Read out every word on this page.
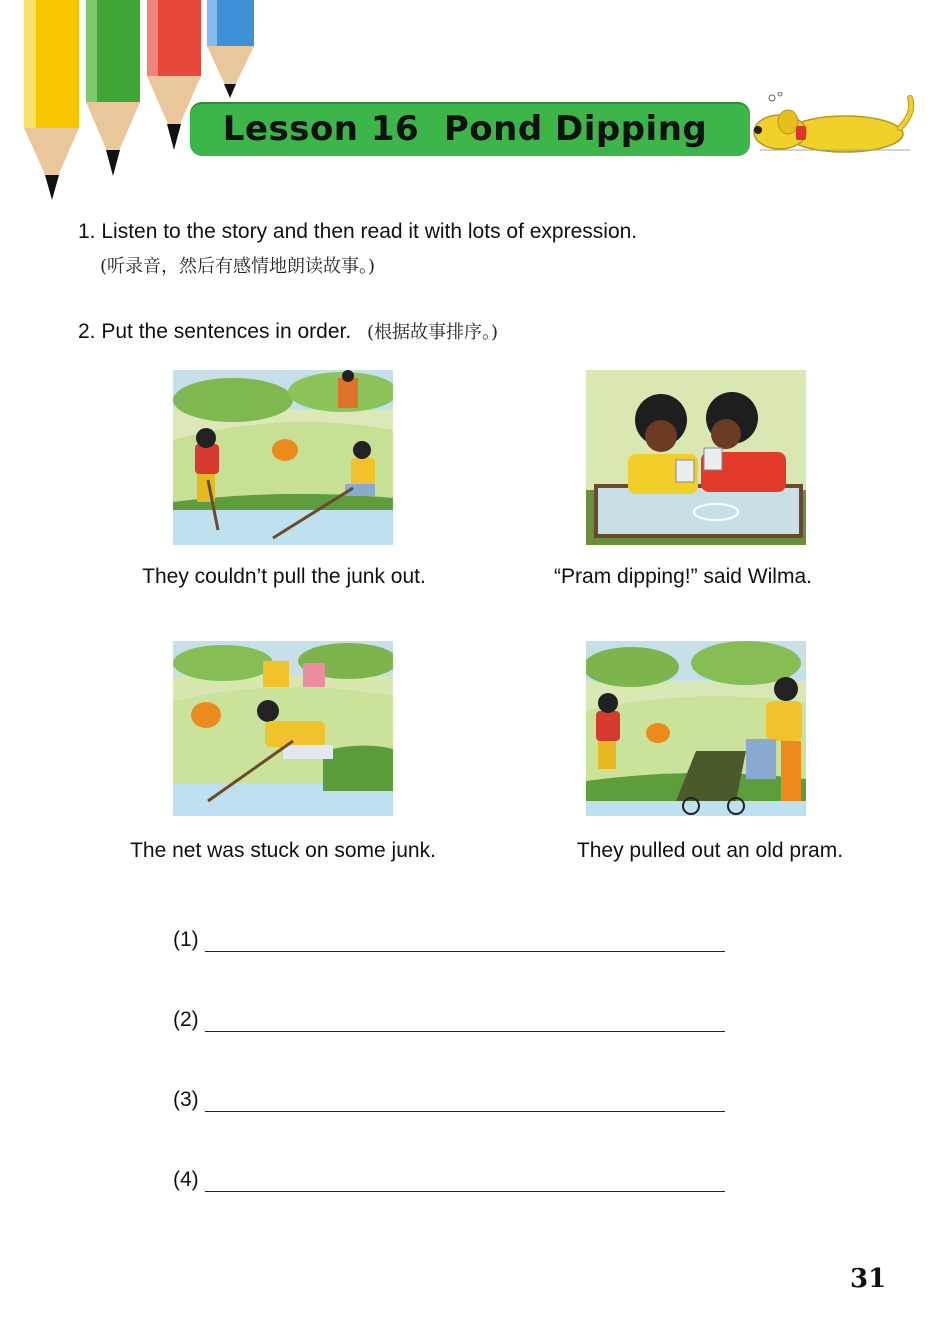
Lesson 16  Pond Dipping
1. Listen to the story and then read it with lots of expression.
(听录音，然后有感情地朗读故事。)
2. Put the sentences in order. (根据故事排序。)
They couldn’t pull the junk out.	“Pram dipping!” said Wilma.
The net was stuck on some junk.	They pulled out an old pram.
(1)
(2)
(3)
(4)
31
